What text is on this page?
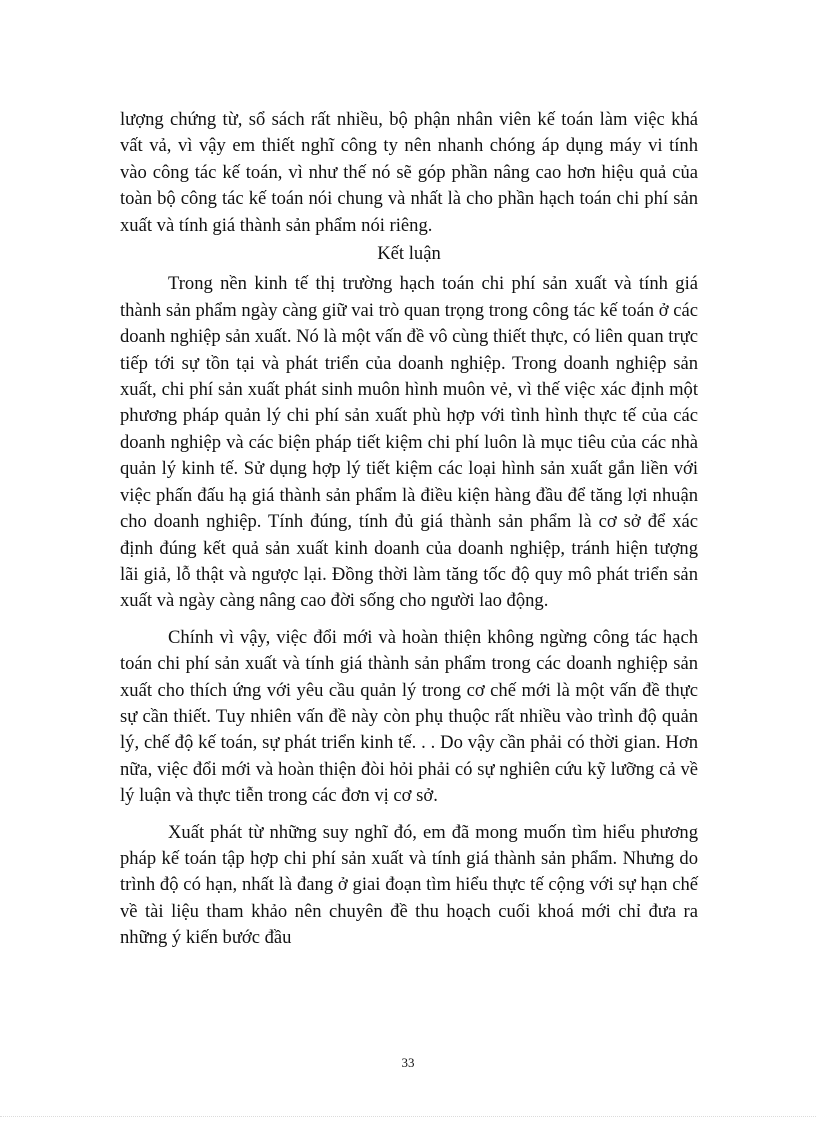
lượng chứng từ, sổ sách rất nhiều, bộ phận nhân viên kế toán làm việc khá vất vả, vì vậy em thiết nghĩ công ty nên nhanh chóng áp dụng máy vi tính vào công tác kế toán, vì như thế nó sẽ góp phần nâng cao hơn hiệu quả của toàn bộ công tác kế toán nói chung và nhất là cho phần hạch toán chi phí sản xuất và tính giá thành sản phẩm nói riêng.

Kết luận

Trong nền kinh tế thị trường hạch toán chi phí sản xuất và tính giá thành sản phẩm ngày càng giữ vai trò quan trọng trong công tác kế toán ở các doanh nghiệp sản xuất. Nó là một vấn đề vô cùng thiết thực, có liên quan trực tiếp tới sự tồn tại và phát triển của doanh nghiệp. Trong doanh nghiệp sản xuất, chi phí sản xuất phát sinh muôn hình muôn vẻ, vì thế việc xác định một phương pháp quản lý chi phí sản xuất phù hợp với tình hình thực tế của các doanh nghiệp và các biện pháp tiết kiệm chi phí luôn là mục tiêu của các nhà quản lý kinh tế. Sử dụng hợp lý tiết kiệm các loại hình sản xuất gắn liền với việc phấn đấu hạ giá thành sản phẩm là điều kiện hàng đầu để tăng lợi nhuận cho doanh nghiệp. Tính đúng, tính đủ giá thành sản phẩm là cơ sở để xác định đúng kết quả sản xuất kinh doanh của doanh nghiệp, tránh hiện tượng lãi giả, lỗ thật và ngược lại. Đồng thời làm tăng tốc độ quy mô phát triển sản xuất và ngày càng nâng cao đời sống cho người lao động.

Chính vì vậy, việc đổi mới và hoàn thiện không ngừng công tác hạch toán chi phí sản xuất và tính giá thành sản phẩm trong các doanh nghiệp sản xuất cho thích ứng với yêu cầu quản lý trong cơ chế mới là một vấn đề thực sự cần thiết. Tuy nhiên vấn đề này còn phụ thuộc rất nhiều vào trình độ quản lý, chế độ kế toán, sự phát triển kinh tế. . . Do vậy cần phải có thời gian. Hơn nữa, việc đổi mới và hoàn thiện đòi hỏi phải có sự nghiên cứu kỹ lưỡng cả về lý luận và thực tiễn trong các đơn vị cơ sở.

Xuất phát từ những suy nghĩ đó, em đã mong muốn tìm hiểu phương pháp kế toán tập hợp chi phí sản xuất và tính giá thành sản phẩm. Nhưng do trình độ có hạn, nhất là đang ở giai đoạn tìm hiểu thực tế cộng với sự hạn chế về tài liệu tham khảo nên chuyên đề thu hoạch cuối khoá mới chỉ đưa ra những ý kiến bước đầu

33
